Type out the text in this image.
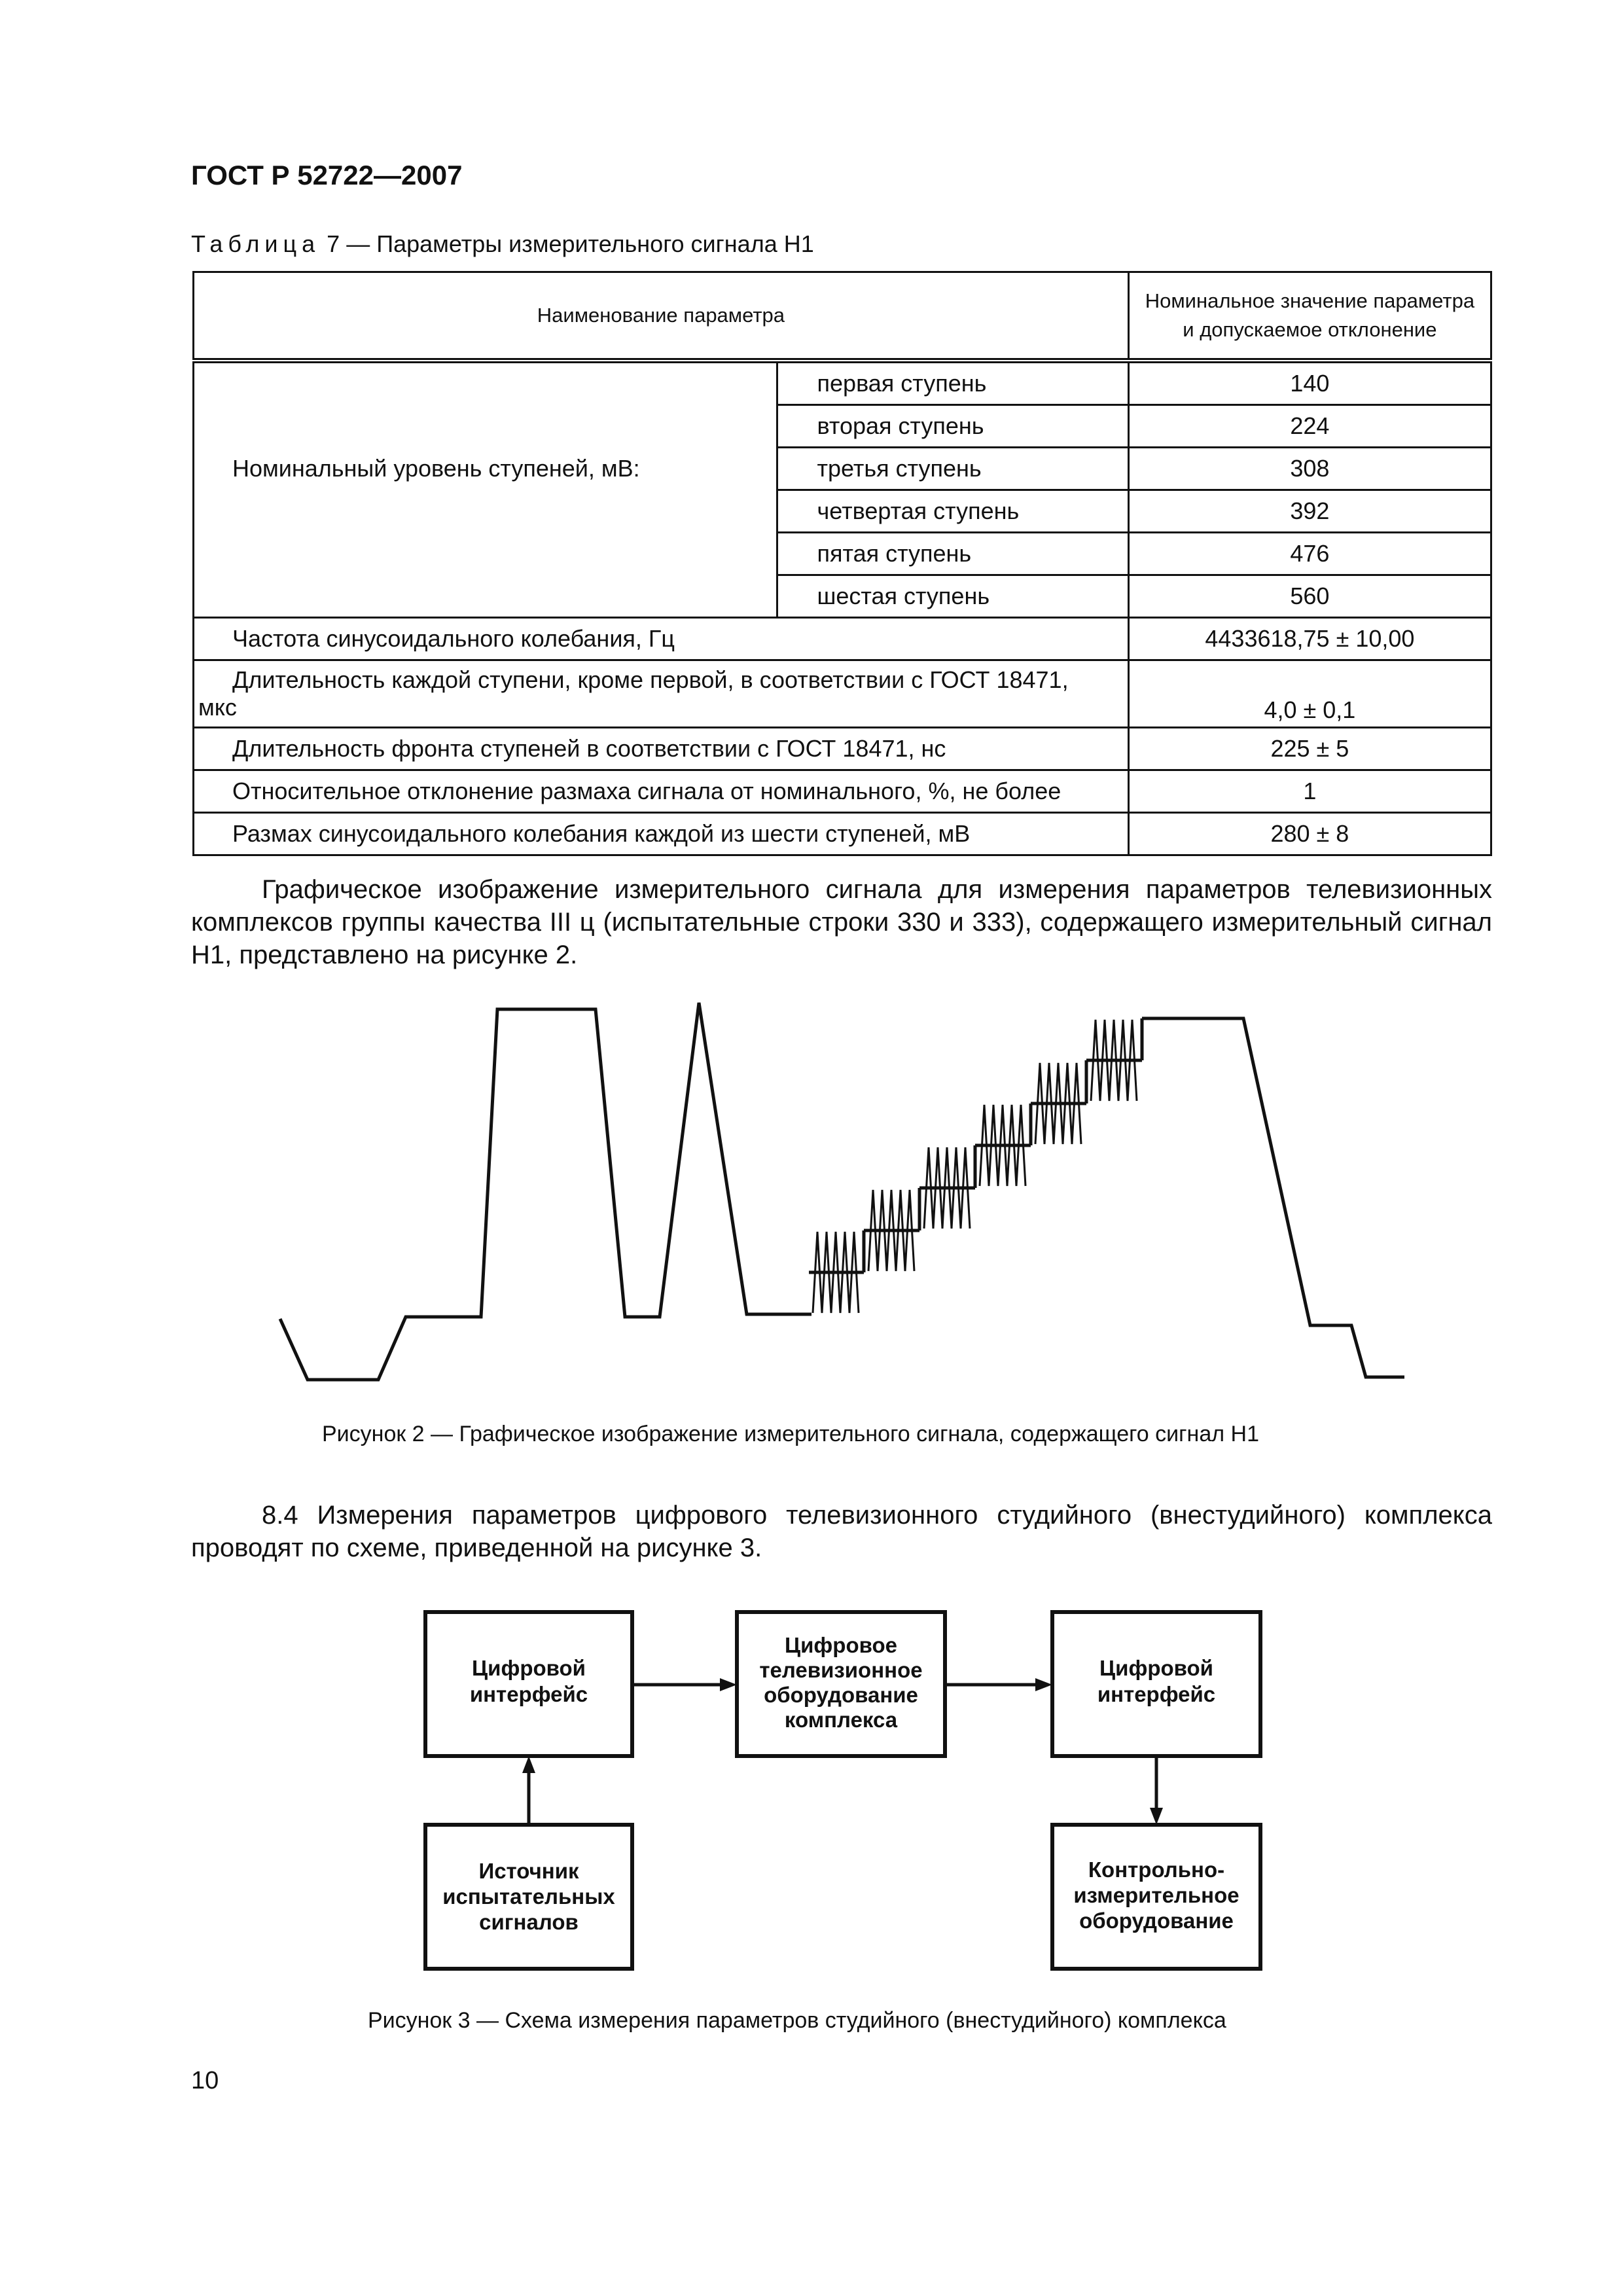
ГОСТ Р 52722—2007
Таблица 7 — Параметры измерительного сигнала Н1
Наименование параметра		Номинальное значение параметра
и допускаемое отклонение
Номинальный уровень ступеней, мВ:	первая ступень	140
	вторая ступень	224
	третья ступень	308
	четвертая ступень	392
	пятая ступень	476
	шестая ступень	560
Частота синусоидального колебания, Гц		4433618,75 ± 10,00
Длительность каждой ступени, кроме первой, в соответствии с ГОСТ 18471,
мкс		4,0 ± 0,1
Длительность фронта ступеней в соответствии с ГОСТ 18471, нс		225 ± 5
Относительное отклонение размаха сигнала от номинального, %, не более		1
Размах синусоидального колебания каждой из шести ступеней, мВ		280 ± 8
Графическое изображение измерительного сигнала для измерения параметров телевизионных комплексов группы качества III ц (испытательные строки 330 и 333), содержащего измерительный сигнал Н1, представлено на рисунке 2.
Цифровой
интерфейс
Цифровое
телевизионное
оборудование
комплекса
Цифровой
интерфейс
Источник
испытательных
сигналов
Контрольно-
измерительное
оборудование
Рисунок 2 — Графическое изображение измерительного сигнала, содержащего сигнал Н1
8.4 Измерения параметров цифрового телевизионного студийного (внестудийного) комплекса проводят по схеме, приведенной на рисунке 3.
Рисунок 3 — Схема измерения параметров студийного (внестудийного) комплекса
10
